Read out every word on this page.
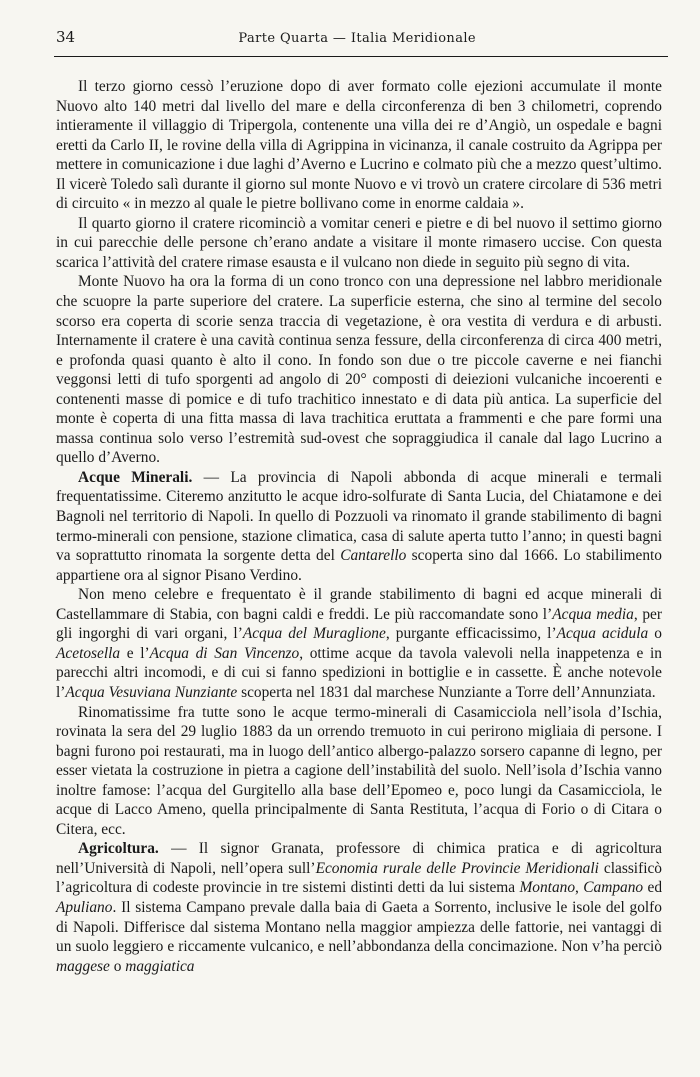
34	Parte Quarta — Italia Meridionale

Il terzo giorno cessò l’eruzione dopo di aver formato colle ejezioni accumulate il monte Nuovo alto 140 metri dal livello del mare e della circonferenza di ben 3 chilometri, coprendo intieramente il villaggio di Tripergola, contenente una villa dei re d’Angiò, un ospedale e bagni eretti da Carlo II, le rovine della villa di Agrippina in vicinanza, il canale costruito da Agrippa per mettere in comunicazione i due laghi d’Averno e Lucrino e colmato più che a mezzo quest’ultimo. Il vicerè Toledo salì durante il giorno sul monte Nuovo e vi trovò un cratere circolare di 536 metri di circuito « in mezzo al quale le pietre bollivano come in enorme caldaia ».

Il quarto giorno il cratere ricominciò a vomitar ceneri e pietre e di bel nuovo il settimo giorno in cui parecchie delle persone ch’erano andate a visitare il monte rimasero uccise. Con questa scarica l’attività del cratere rimase esausta e il vulcano non diede in seguito più segno di vita.

Monte Nuovo ha ora la forma di un cono tronco con una depressione nel labbro meridionale che scuopre la parte superiore del cratere. La superficie esterna, che sino al termine del secolo scorso era coperta di scorie senza traccia di vegetazione, è ora vestita di verdura e di arbusti. Internamente il cratere è una cavità continua senza fessure, della circonferenza di circa 400 metri, e profonda quasi quanto è alto il cono. In fondo son due o tre piccole caverne e nei fianchi veggonsi letti di tufo sporgenti ad angolo di 20° composti di deiezioni vulcaniche incoerenti e contenenti masse di pomice e di tufo trachitico innestato e di data più antica. La superficie del monte è coperta di una fitta massa di lava trachitica eruttata a frammenti e che pare formi una massa continua solo verso l’estremità sud-ovest che sopraggiudica il canale dal lago Lucrino a quello d’Averno.

Acque Minerali. — La provincia di Napoli abbonda di acque minerali e termali frequentatissime. Citeremo anzitutto le acque idro-solfurate di Santa Lucia, del Chiatamone e dei Bagnoli nel territorio di Napoli. In quello di Pozzuoli va rinomato il grande stabilimento di bagni termo-minerali con pensione, stazione climatica, casa di salute aperta tutto l’anno; in questi bagni va soprattutto rinomata la sorgente detta del Cantarello scoperta sino dal 1666. Lo stabilimento appartiene ora al signor Pisano Verdino.

Non meno celebre e frequentato è il grande stabilimento di bagni ed acque minerali di Castellammare di Stabia, con bagni caldi e freddi. Le più raccomandate sono l’Acqua media, per gli ingorghi di vari organi, l’Acqua del Muraglione, purgante efficacissimo, l’Acqua acidula o Acetosella e l’Acqua di San Vincenzo, ottime acque da tavola valevoli nella inappetenza e in parecchi altri incomodi, e di cui si fanno spedizioni in bottiglie e in cassette. È anche notevole l’Acqua Vesuviana Nunziante scoperta nel 1831 dal marchese Nunziante a Torre dell’Annunziata.

Rinomatissime fra tutte sono le acque termo-minerali di Casamicciola nell’isola d’Ischia, rovinata la sera del 29 luglio 1883 da un orrendo tremuoto in cui perirono migliaia di persone. I bagni furono poi restaurati, ma in luogo dell’antico albergo-palazzo sorsero capanne di legno, per esser vietata la costruzione in pietra a cagione dell’instabilità del suolo. Nell’isola d’Ischia vanno inoltre famose: l’acqua del Gurgitello alla base dell’Epomeo e, poco lungi da Casamicciola, le acque di Lacco Ameno, quella principalmente di Santa Restituta, l’acqua di Forio o di Citara o Citera, ecc.

Agricoltura. — Il signor Granata, professore di chimica pratica e di agricoltura nell’Università di Napoli, nell’opera sull’Economia rurale delle Provincie Meridionali classificò l’agricoltura di codeste provincie in tre sistemi distinti detti da lui sistema Montano, Campano ed Apuliano. Il sistema Campano prevale dalla baia di Gaeta a Sorrento, inclusive le isole del golfo di Napoli. Differisce dal sistema Montano nella maggior ampiezza delle fattorie, nei vantaggi di un suolo leggiero e riccamente vulcanico, e nell’abbondanza della concimazione. Non v’ha perciò maggese o maggiatica
